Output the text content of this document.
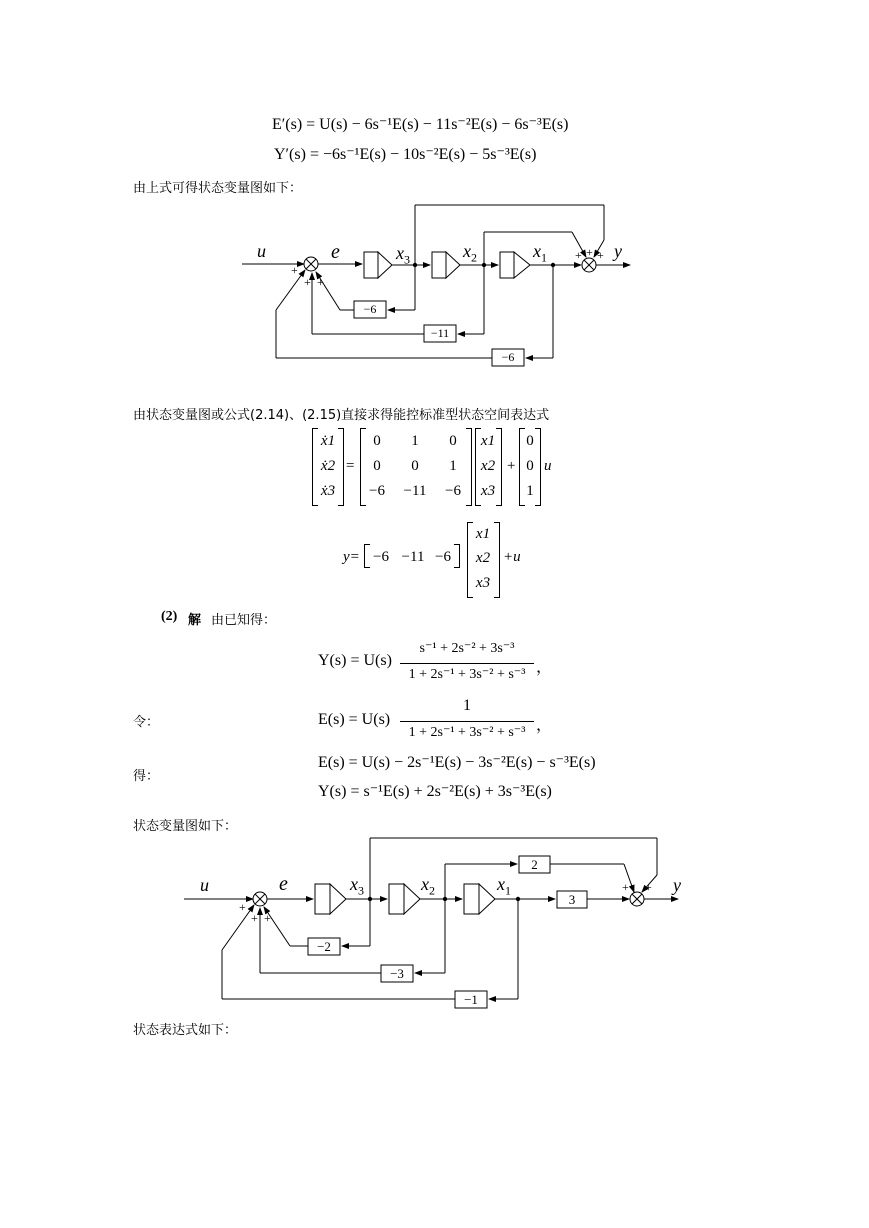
E′(s) = U(s) − 6s⁻¹E(s) − 11s⁻²E(s) − 6s⁻³E(s)
Y′(s) = −6s⁻¹E(s) − 10s⁻²E(s) − 5s⁻³E(s)
由上式可得状态变量图如下：
u	e	$x_3$	$x_2$	$x_1$	y
+
+ +
+ + +
−6
−11
−6
由状态变量图或公式(2.14)、(2.15)直接求得能控标准型状态空间表达式
ẋ1
ẋ2
ẋ3
=
0	1	0
0	0	1
−6	−11	−6
x1
x2
x3
+
0
0
1
u
y= −6 −11 −6
x1
x2
x3
+u
(2) 解 由已知得：
Y(s) = U(s)
s⁻¹ + 2s⁻² + 3s⁻³
1 + 2s⁻¹ + 3s⁻² + s⁻³ ，
令：	E(s) = U(s)
1
1 + 2s⁻¹ + 3s⁻² + s⁻³ ，
得：
E(s) = U(s) − 2s⁻¹E(s) − 3s⁻²E(s) − s⁻³E(s)
Y(s) = s⁻¹E(s) + 2s⁻²E(s) + 3s⁻³E(s)
状态变量图如下：
u	e	$x_3$	$x_2$	$x_1$	y
+
+ +
+ +
2
3
−2
−3
−1
状态表达式如下：
